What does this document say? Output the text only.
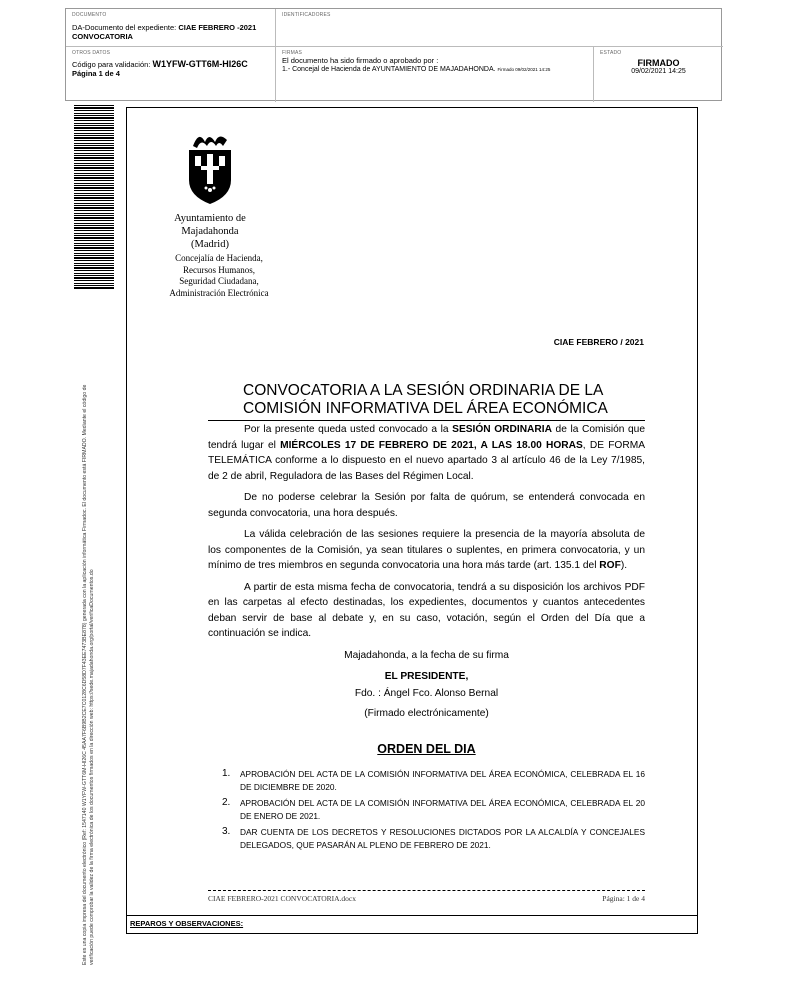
DOCUMENTO
DA-Documento del expediente: CIAE FEBRERO -2021 CONVOCATORIA
IDENTIFICADORES
OTROS DATOS
Código para validación: W1YFW-GTT6M-HI26C
Página 1 de 4
FIRMAS
El documento ha sido firmado o aprobado por :
1.- Concejal de Hacienda de AYUNTAMIENTO DE MAJADAHONDA. Firmado 09/02/2021 14:25
ESTADO
FIRMADO
09/02/2021 14:25
Este es una copia impresa del documento electrónico (Ref: 1547140 W1YFW-GTT6M-HI26C 45AA7F6B9B2CE7C0128C6D58D7F43EE7473BE878) generada con la aplicación informática Firmadoc. El documento está FIRMADO. Mediante el código de verificación puede comprobar la validez de la firma electrónica de los documentos firmados en la dirección web: https://sede.majadahonda.org/portal/verificaDocumentos.do
Ayuntamiento de
Majadahonda
(Madrid)
Concejalía de Hacienda,
Recursos Humanos,
Seguridad Ciudadana,
Administración Electrónica
CIAE FEBRERO / 2021
CONVOCATORIA A LA SESIÓN ORDINARIA DE LA
COMISIÓN INFORMATIVA DEL ÁREA ECONÓMICA

Por la presente queda usted convocado a la SESIÓN ORDINARIA de la Comisión que tendrá lugar el MIÉRCOLES 17 DE FEBRERO DE 2021, A LAS 18.00 HORAS, DE FORMA TELEMÁTICA conforme a lo dispuesto en el nuevo apartado 3 al artículo 46 de la Ley 7/1985, de 2 de abril, Reguladora de las Bases del Régimen Local.

De no poderse celebrar la Sesión por falta de quórum, se entenderá convocada en segunda convocatoria, una hora después.

La válida celebración de las sesiones requiere la presencia de la mayoría absoluta de los componentes de la Comisión, ya sean titulares o suplentes, en primera convocatoria, y un mínimo de tres miembros en segunda convocatoria una hora más tarde (art. 135.1 del ROF).

A partir de esta misma fecha de convocatoria, tendrá a su disposición los archivos PDF en las carpetas al efecto destinadas, los expedientes, documentos y cuantos antecedentes deban servir de base al debate y, en su caso, votación, según el Orden del Día que a continuación se indica.

Majadahonda, a la fecha de su firma
EL PRESIDENTE,
Fdo. : Ángel Fco. Alonso Bernal
(Firmado electrónicamente)
ORDEN DEL DIA
1.	APROBACIÓN DEL ACTA DE LA COMISIÓN INFORMATIVA DEL ÁREA ECONÓMICA, CELEBRADA EL 16 DE DICIEMBRE DE 2020.
2.	APROBACIÓN DEL ACTA DE LA COMISIÓN INFORMATIVA DEL ÁREA ECONÓMICA, CELEBRADA EL 20 DE ENERO DE 2021.
3.	DAR CUENTA DE LOS DECRETOS Y RESOLUCIONES DICTADOS POR LA ALCALDÍA Y CONCEJALES DELEGADOS, QUE PASARÁN AL PLENO DE FEBRERO DE 2021.
CIAE FEBRERO-2021 CONVOCATORIA.docx	Página: 1 de 4
REPAROS Y OBSERVACIONES:
